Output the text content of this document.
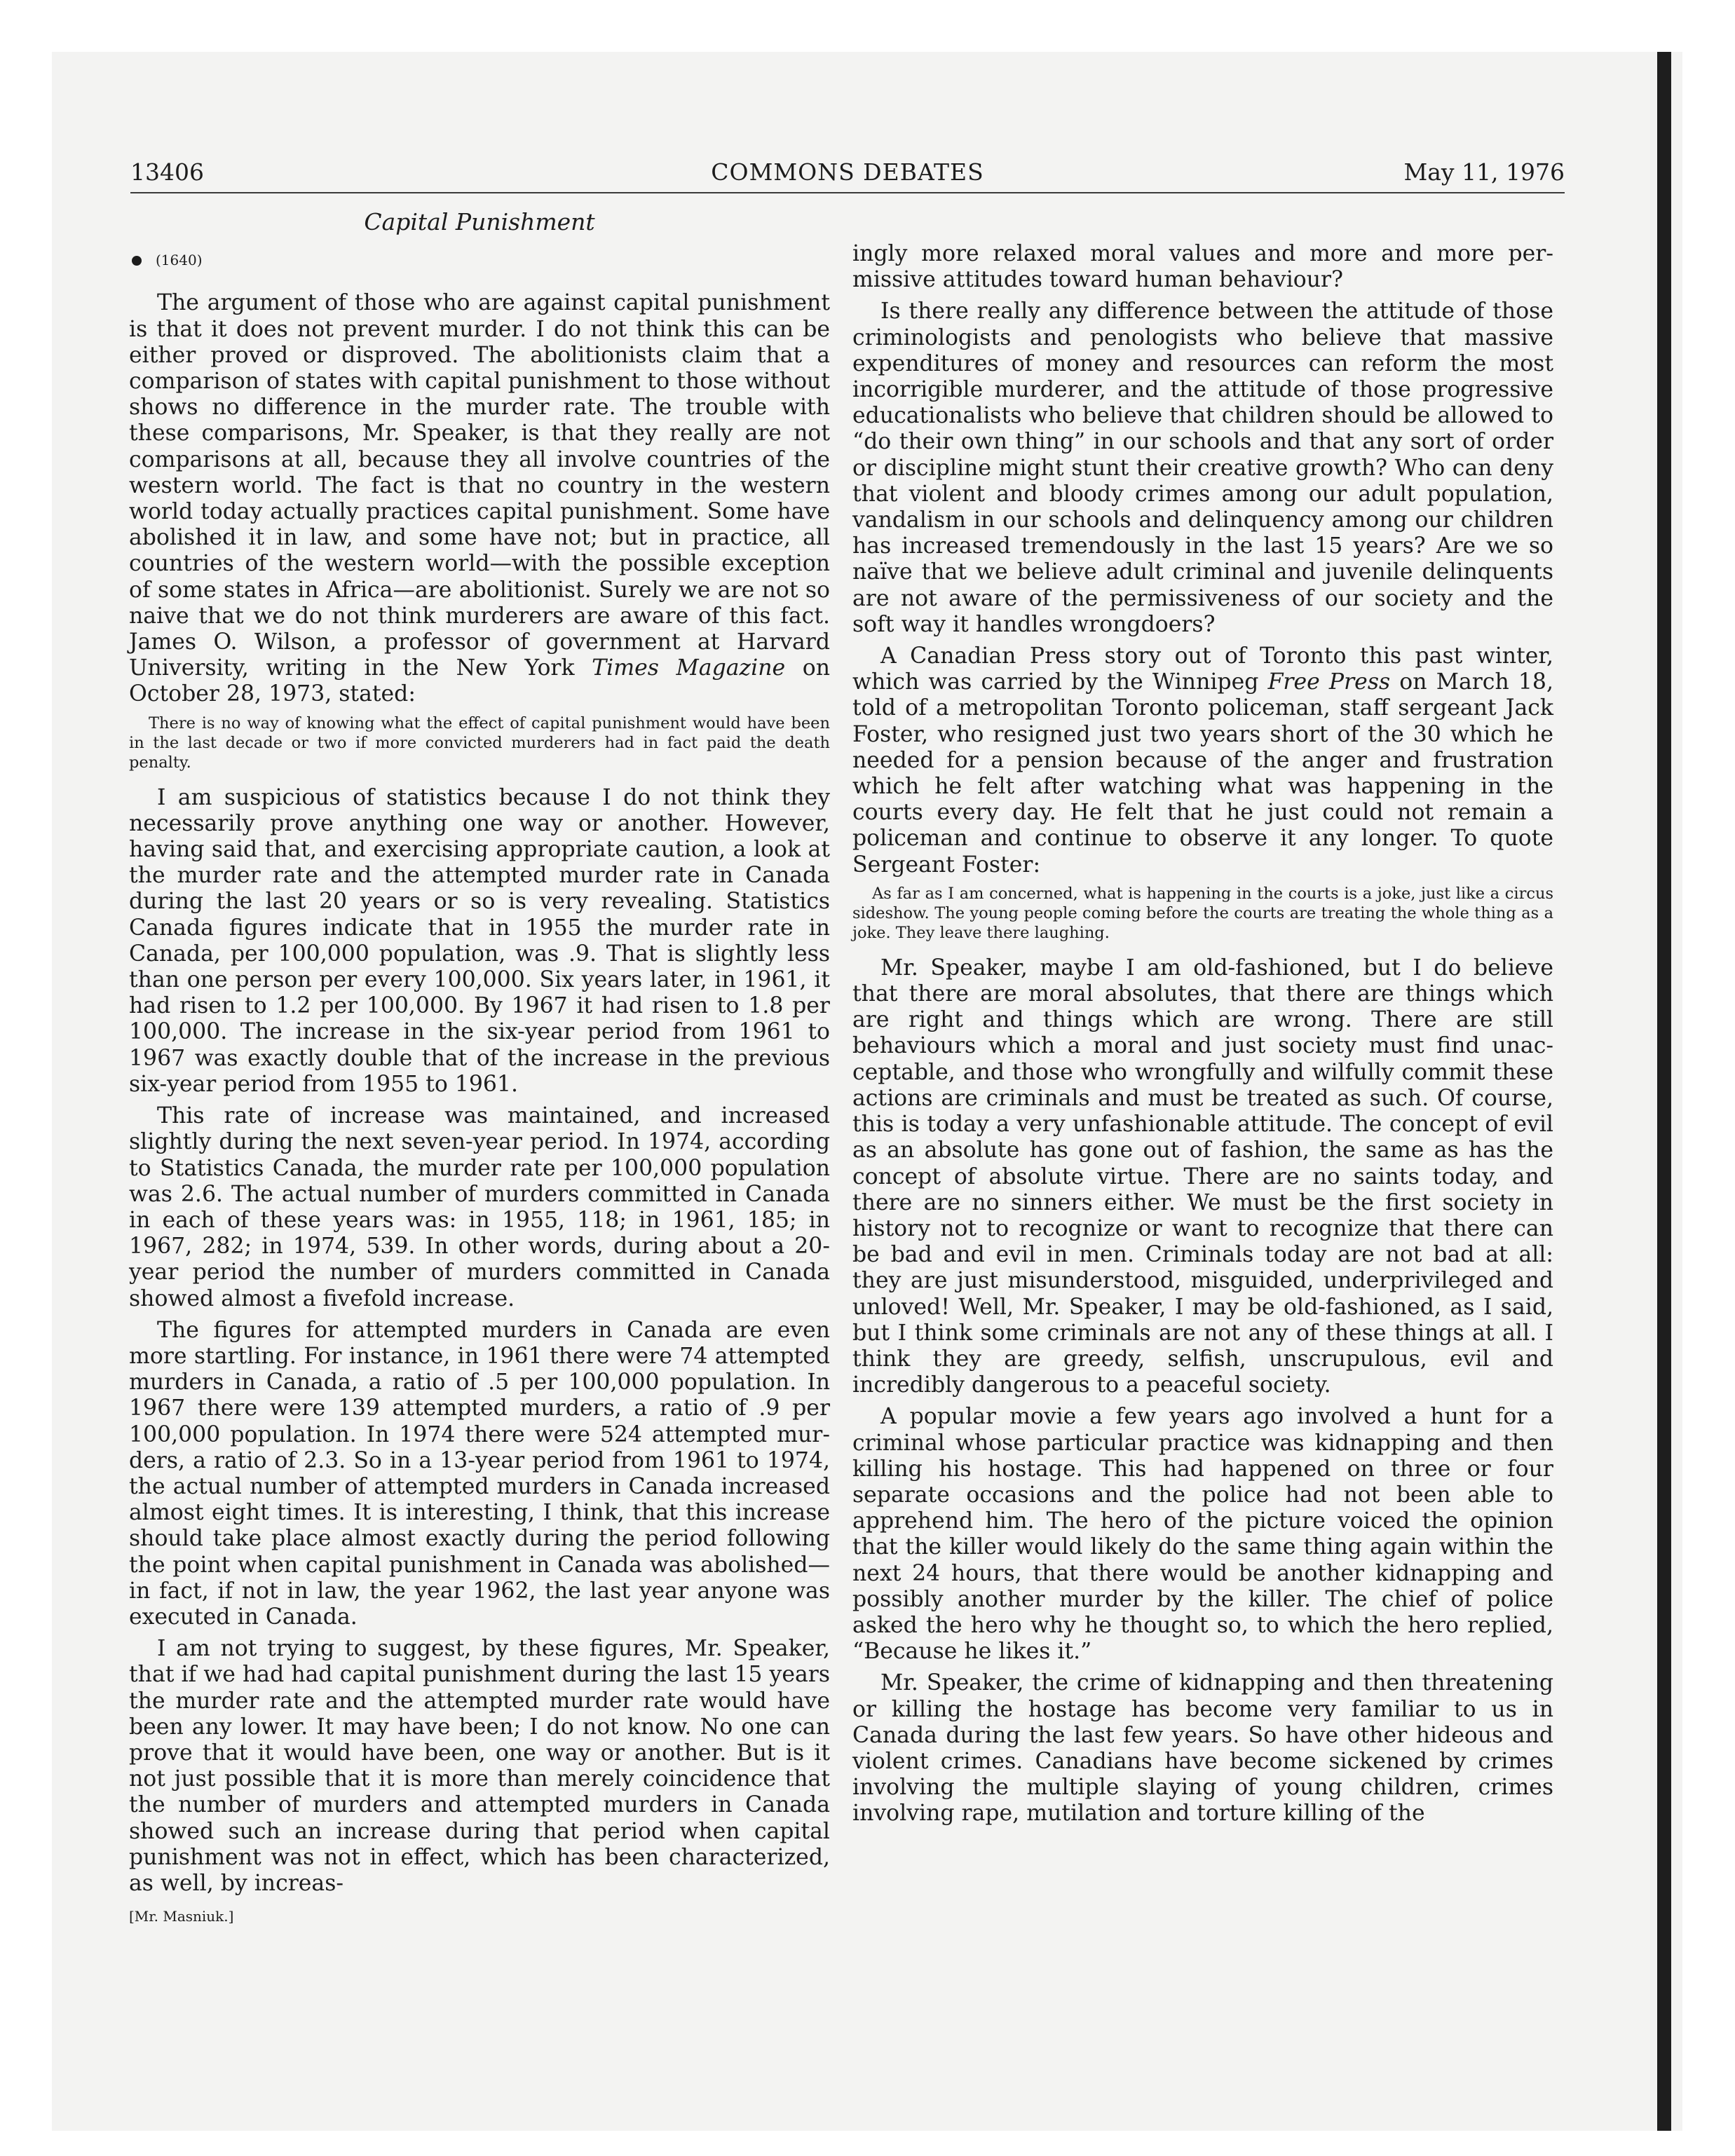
13406	COMMONS DEBATES	May 11, 1976
Capital Punishment
(1640)

The argument of those who are against capital punishment is that it does not prevent murder. I do not think this can be either proved or disproved. The abolitionists claim that a comparison of states with capital punishment to those without shows no difference in the murder rate. The trouble with these comparisons, Mr. Speaker, is that they really are not comparisons at all, because they all involve countries of the western world. The fact is that no country in the western world today actually practices capital punishment. Some have abolished it in law, and some have not; but in practice, all countries of the western world—with the possible exception of some states in Africa—are abolitionist. Surely we are not so naive that we do not think murderers are aware of this fact. James O. Wilson, a professor of government at Harvard University, writing in the New York Times Magazine on October 28, 1973, stated:

There is no way of knowing what the effect of capital punishment would have been in the last decade or two if more convicted murderers had in fact paid the death penalty.

I am suspicious of statistics because I do not think they necessarily prove anything one way or another. However, having said that, and exercising appropriate caution, a look at the murder rate and the attempted murder rate in Canada during the last 20 years or so is very revealing. Statistics Canada figures indicate that in 1955 the murder rate in Canada, per 100,000 population, was .9. That is slightly less than one person per every 100,000. Six years later, in 1961, it had risen to 1.2 per 100,000. By 1967 it had risen to 1.8 per 100,000. The increase in the six-year period from 1961 to 1967 was exactly double that of the increase in the previous six-year period from 1955 to 1961.

This rate of increase was maintained, and increased slightly during the next seven-year period. In 1974, according to Statistics Canada, the murder rate per 100,000 population was 2.6. The actual number of murders committed in Canada in each of these years was: in 1955, 118; in 1961, 185; in 1967, 282; in 1974, 539. In other words, during about a 20-year period the number of murders committed in Canada showed almost a fivefold increase.

The figures for attempted murders in Canada are even more startling. For instance, in 1961 there were 74 attempted murders in Canada, a ratio of .5 per 100,000 population. In 1967 there were 139 attempted murders, a ratio of .9 per 100,000 population. In 1974 there were 524 attempted murders, a ratio of 2.3. So in a 13-year period from 1961 to 1974, the actual number of attempted murders in Canada increased almost eight times. It is interesting, I think, that this increase should take place almost exactly during the period following the point when capital punishment in Canada was abolished—in fact, if not in law, the year 1962, the last year anyone was executed in Canada.

I am not trying to suggest, by these figures, Mr. Speaker, that if we had had capital punishment during the last 15 years the murder rate and the attempted murder rate would have been any lower. It may have been; I do not know. No one can prove that it would have been, one way or another. But is it not just possible that it is more than merely coincidence that the number of murders and attempted murders in Canada showed such an increase during that period when capital punishment was not in effect, which has been characterized, as well, by increas-

[Mr. Masniuk.]

ingly more relaxed moral values and more and more permissive attitudes toward human behaviour?

Is there really any difference between the attitude of those criminologists and penologists who believe that massive expenditures of money and resources can reform the most incorrigible murderer, and the attitude of those progressive educationalists who believe that children should be allowed to “do their own thing” in our schools and that any sort of order or discipline might stunt their creative growth? Who can deny that violent and bloody crimes among our adult population, vandalism in our schools and delinquency among our children has increased tremendously in the last 15 years? Are we so naïve that we believe adult criminal and juvenile delinquents are not aware of the permissiveness of our society and the soft way it handles wrongdoers?

A Canadian Press story out of Toronto this past winter, which was carried by the Winnipeg Free Press on March 18, told of a metropolitan Toronto policeman, staff sergeant Jack Foster, who resigned just two years short of the 30 which he needed for a pension because of the anger and frustration which he felt after watching what was happening in the courts every day. He felt that he just could not remain a policeman and continue to observe it any longer. To quote Sergeant Foster:

As far as I am concerned, what is happening in the courts is a joke, just like a circus sideshow. The young people coming before the courts are treating the whole thing as a joke. They leave there laughing.

Mr. Speaker, maybe I am old-fashioned, but I do believe that there are moral absolutes, that there are things which are right and things which are wrong. There are still behaviours which a moral and just society must find unacceptable, and those who wrongfully and wilfully commit these actions are criminals and must be treated as such. Of course, this is today a very unfashionable attitude. The concept of evil as an absolute has gone out of fashion, the same as has the concept of absolute virtue. There are no saints today, and there are no sinners either. We must be the first society in history not to recognize or want to recognize that there can be bad and evil in men. Criminals today are not bad at all: they are just misunderstood, misguided, underprivileged and unloved! Well, Mr. Speaker, I may be old-fashioned, as I said, but I think some criminals are not any of these things at all. I think they are greedy, selfish, unscrupulous, evil and incredibly dangerous to a peaceful society.

A popular movie a few years ago involved a hunt for a criminal whose particular practice was kidnapping and then killing his hostage. This had happened on three or four separate occasions and the police had not been able to apprehend him. The hero of the picture voiced the opinion that the killer would likely do the same thing again within the next 24 hours, that there would be another kidnapping and possibly another murder by the killer. The chief of police asked the hero why he thought so, to which the hero replied, “Because he likes it.”

Mr. Speaker, the crime of kidnapping and then threatening or killing the hostage has become very familiar to us in Canada during the last few years. So have other hideous and violent crimes. Canadians have become sickened by crimes involving the multiple slaying of young children, crimes involving rape, mutilation and torture killing of the
